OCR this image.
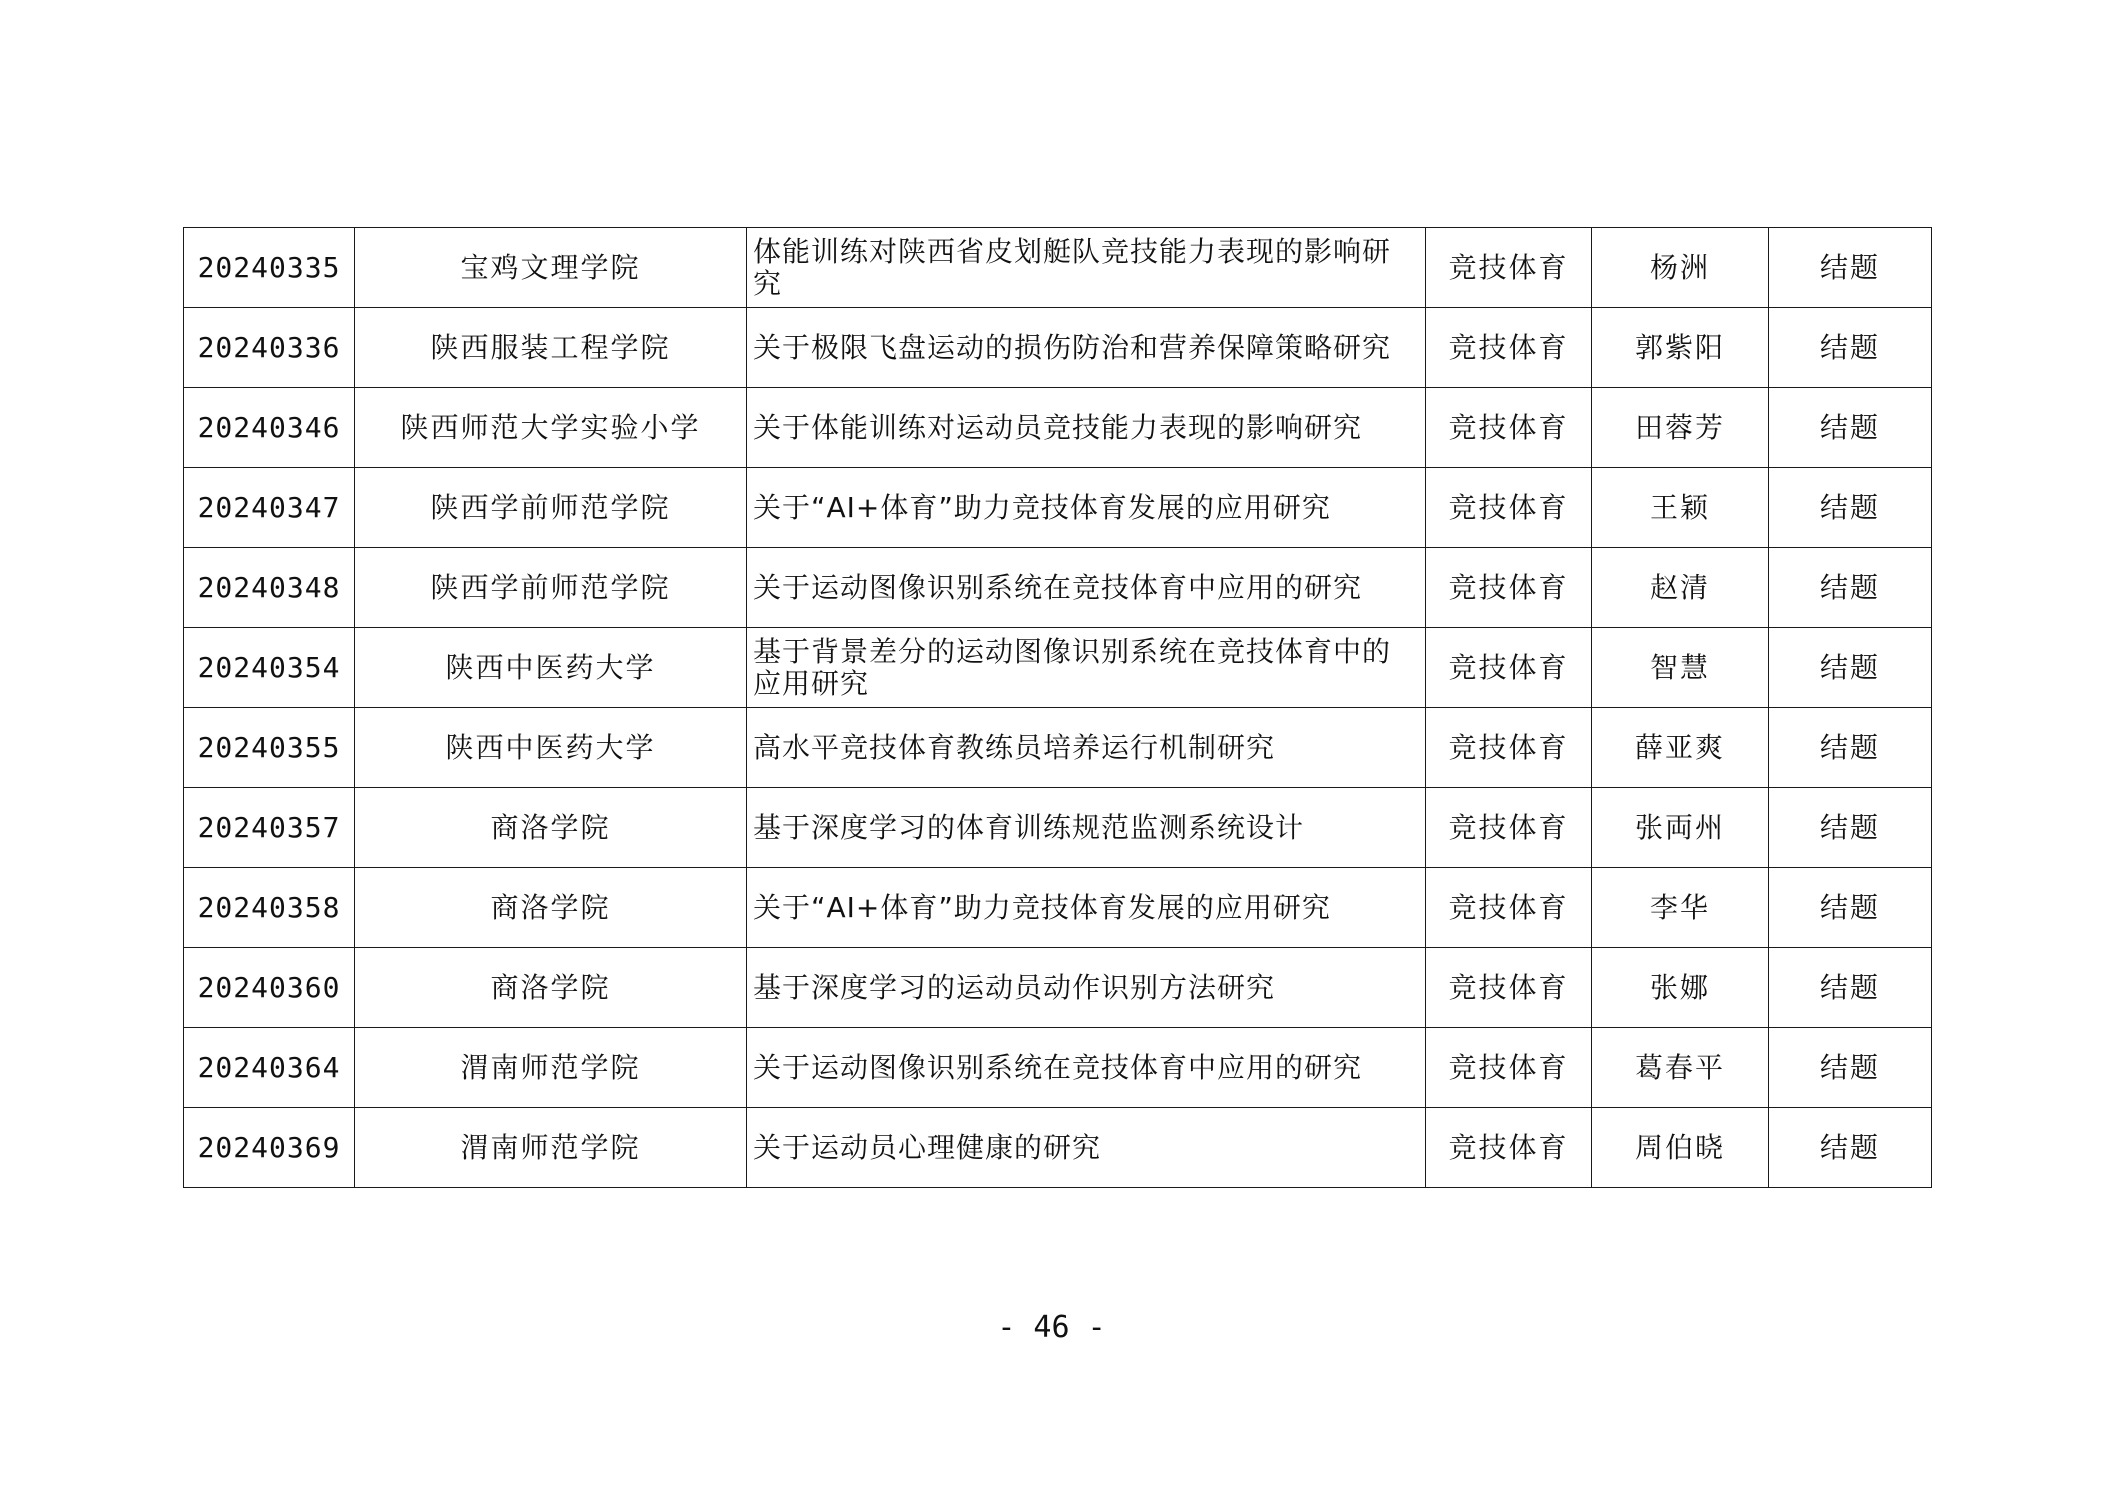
20240335	宝鸡文理学院	体能训练对陕西省皮划艇队竞技能力表现的影响研究	竞技体育	杨洲	结题
20240336	陕西服装工程学院	关于极限飞盘运动的损伤防治和营养保障策略研究	竞技体育	郭紫阳	结题
20240346	陕西师范大学实验小学	关于体能训练对运动员竞技能力表现的影响研究	竞技体育	田蓉芳	结题
20240347	陕西学前师范学院	关于“AI+体育”助力竞技体育发展的应用研究	竞技体育	王颖	结题
20240348	陕西学前师范学院	关于运动图像识别系统在竞技体育中应用的研究	竞技体育	赵清	结题
20240354	陕西中医药大学	基于背景差分的运动图像识别系统在竞技体育中的应用研究	竞技体育	智慧	结题
20240355	陕西中医药大学	高水平竞技体育教练员培养运行机制研究	竞技体育	薛亚爽	结题
20240357	商洛学院	基于深度学习的体育训练规范监测系统设计	竞技体育	张両州	结题
20240358	商洛学院	关于“AI+体育”助力竞技体育发展的应用研究	竞技体育	李华	结题
20240360	商洛学院	基于深度学习的运动员动作识别方法研究	竞技体育	张娜	结题
20240364	渭南师范学院	关于运动图像识别系统在竞技体育中应用的研究	竞技体育	葛春平	结题
20240369	渭南师范学院	关于运动员心理健康的研究	竞技体育	周伯晓	结题
- 46 -
